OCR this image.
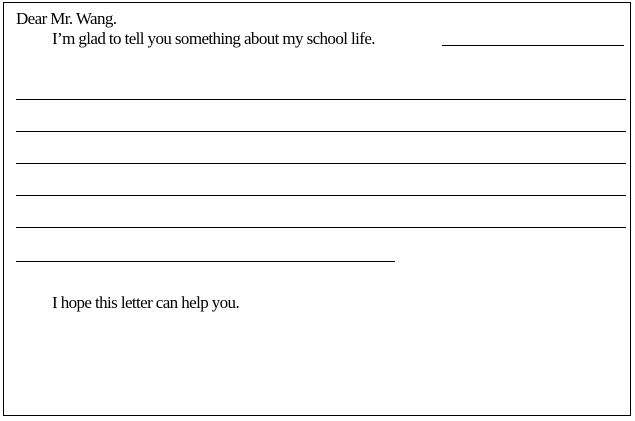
Dear Mr. Wang.
I’m glad to tell you something about my school life.
I hope this letter can help you.
